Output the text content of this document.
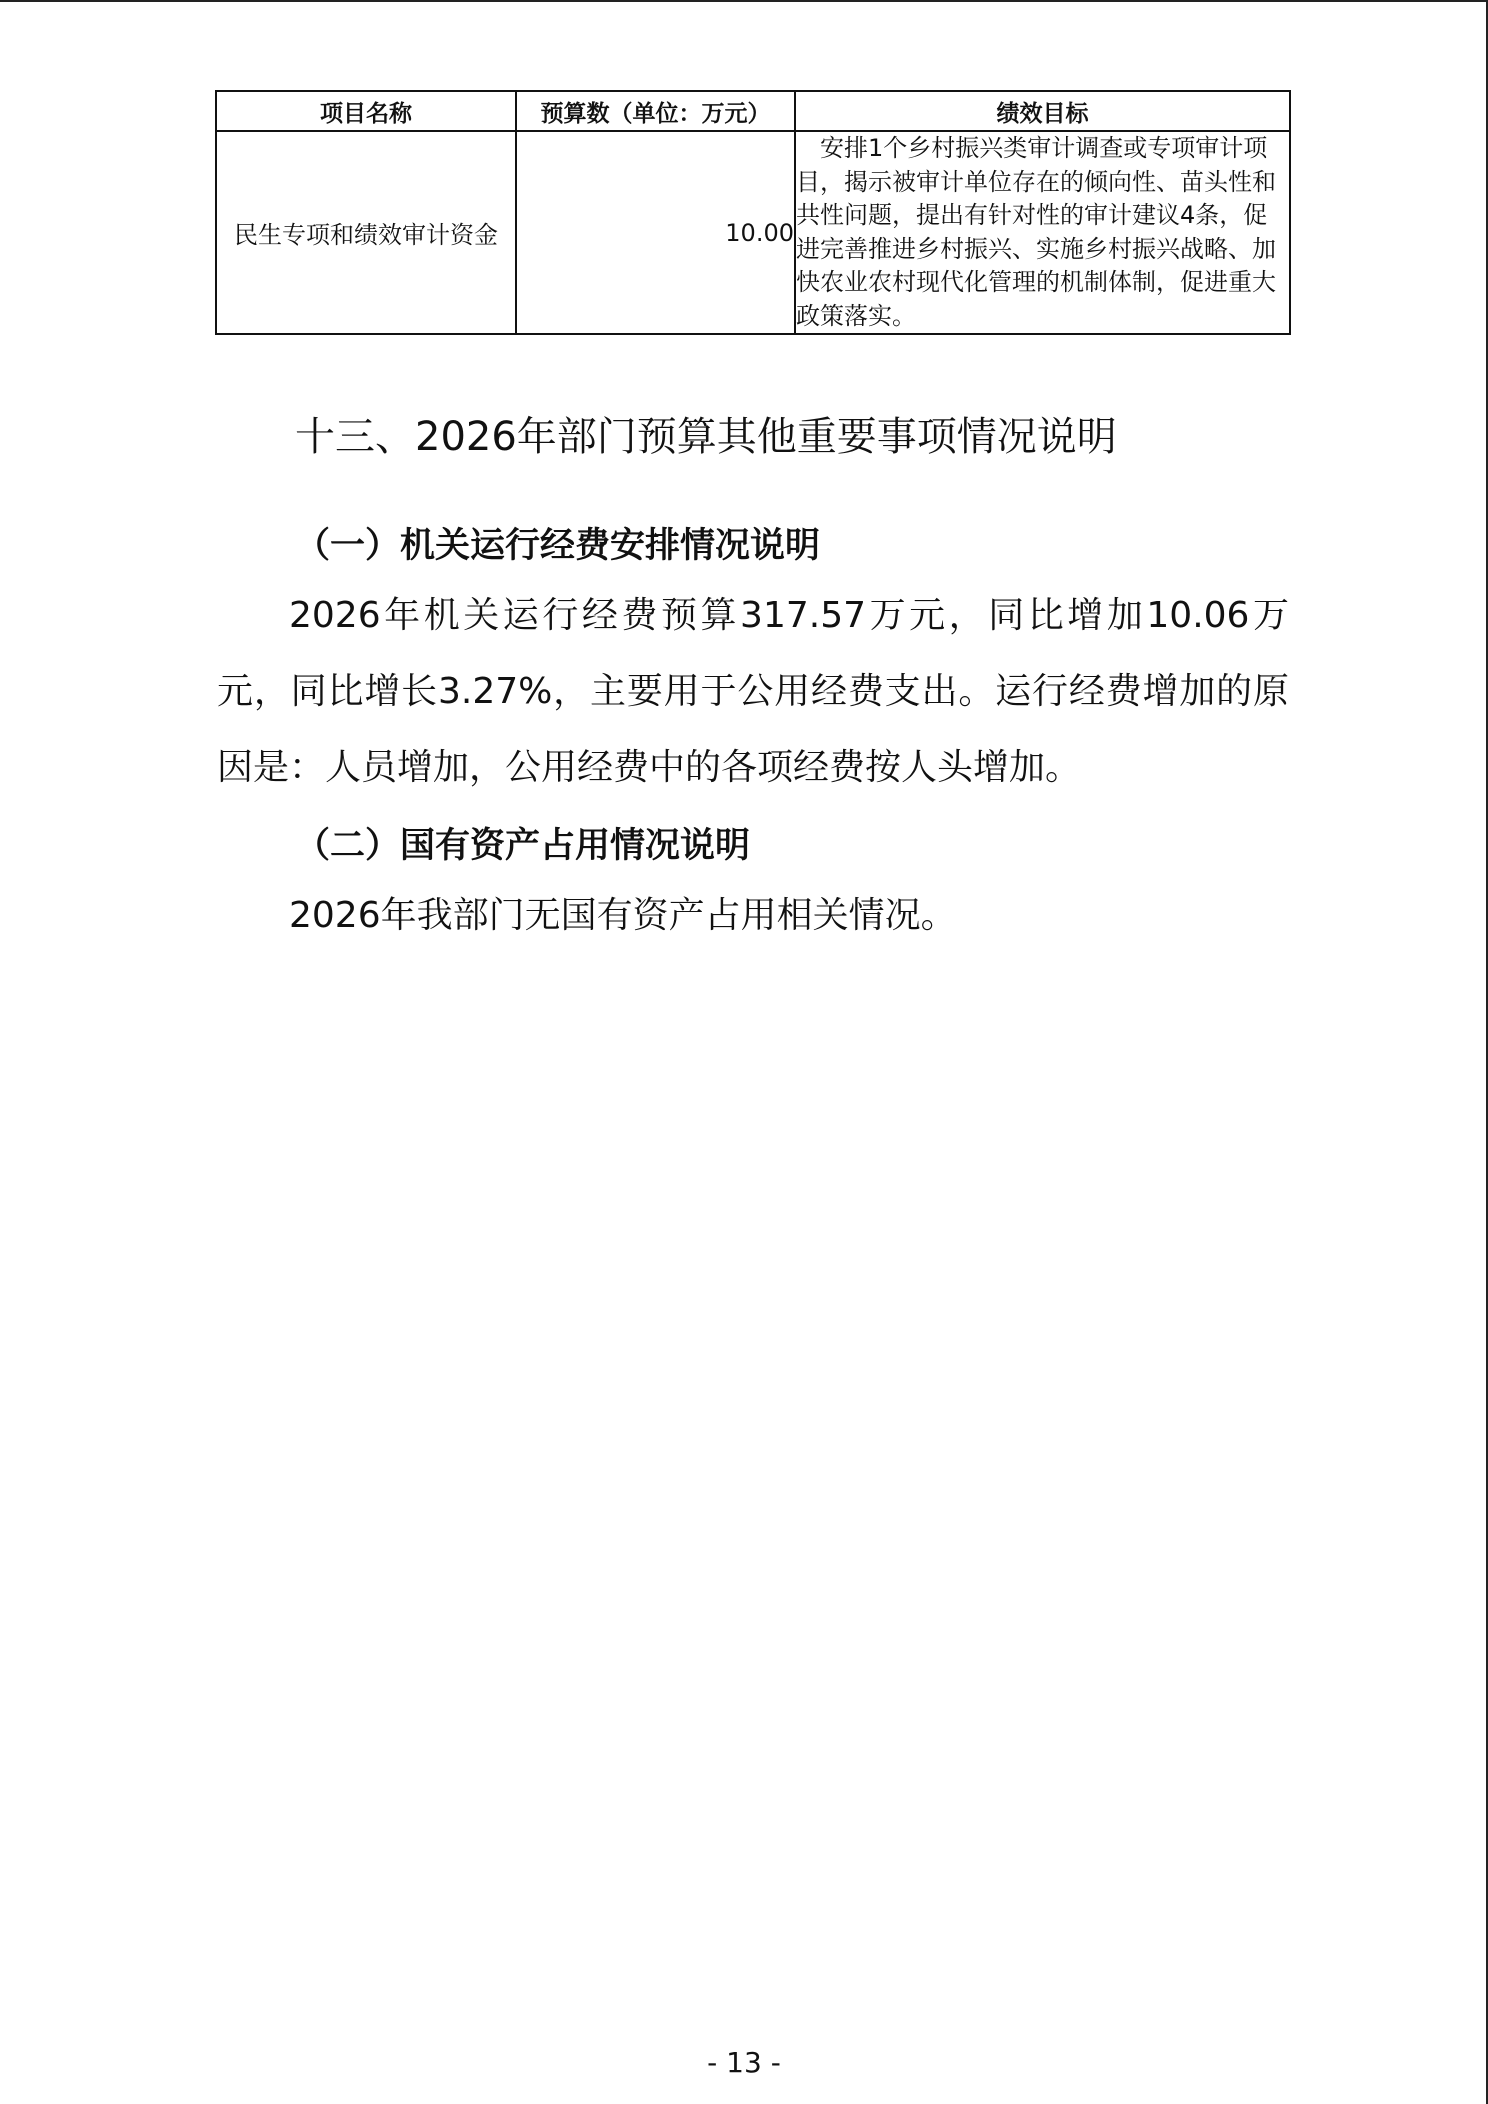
项目名称	预算数（单位：万元）	绩效目标
民生专项和绩效审计资金	10.00	安排1个乡村振兴类审计调查或专项审计项目，揭示被审计单位存在的倾向性、苗头性和共性问题，提出有针对性的审计建议4条，促进完善推进乡村振兴、实施乡村振兴战略、加快农业农村现代化管理的机制体制，促进重大政策落实。
十三、2026年部门预算其他重要事项情况说明
（一）机关运行经费安排情况说明
2026年机关运行经费预算317.57万元，同比增加10.06万元，同比增长3.27%，主要用于公用经费支出。运行经费增加的原因是：人员增加，公用经费中的各项经费按人头增加。
（二）国有资产占用情况说明
2026年我部门无国有资产占用相关情况。
- 13 -
